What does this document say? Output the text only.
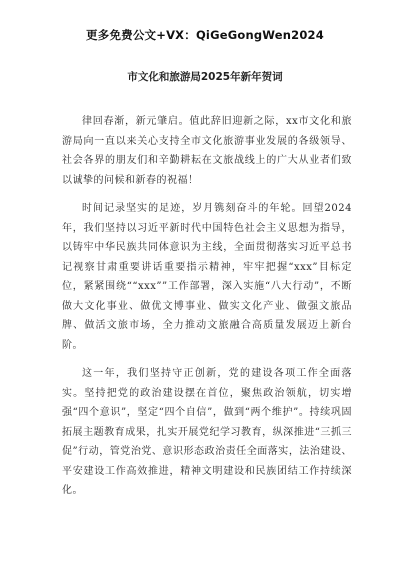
更多免费公文+VX：QiGeGongWen2024
市文化和旅游局2025年新年贺词

律回春渐，新元肇启。值此辞旧迎新之际，xx市文化和旅游局向一直以来关心支持全市文化旅游事业发展的各级领导、社会各界的朋友们和辛勤耕耘在文旅战线上的广大从业者们致以诚挚的问候和新春的祝福！

时间记录坚实的足迹，岁月镌刻奋斗的年轮。回望2024年，我们坚持以习近平新时代中国特色社会主义思想为指导，以铸牢中华民族共同体意识为主线，全面贯彻落实习近平总书记视察甘肃重要讲话重要指示精神，牢牢把握“xxx”目标定位，紧紧围绕““xxx””工作部署，深入实施“八大行动”，不断做大文化事业、做优文博事业、做实文化产业、做强文旅品牌、做活文旅市场，全力推动文旅融合高质量发展迈上新台阶。

这一年，我们坚持守正创新，党的建设各项工作全面落实。坚持把党的政治建设摆在首位，聚焦政治领航，切实增强“四个意识”，坚定“四个自信”，做到“两个维护”。持续巩固拓展主题教育成果，扎实开展党纪学习教育，纵深推进“三抓三促”行动，管党治党、意识形态政治责任全面落实，法治建设、平安建设工作高效推进，精神文明建设和民族团结工作持续深化。
